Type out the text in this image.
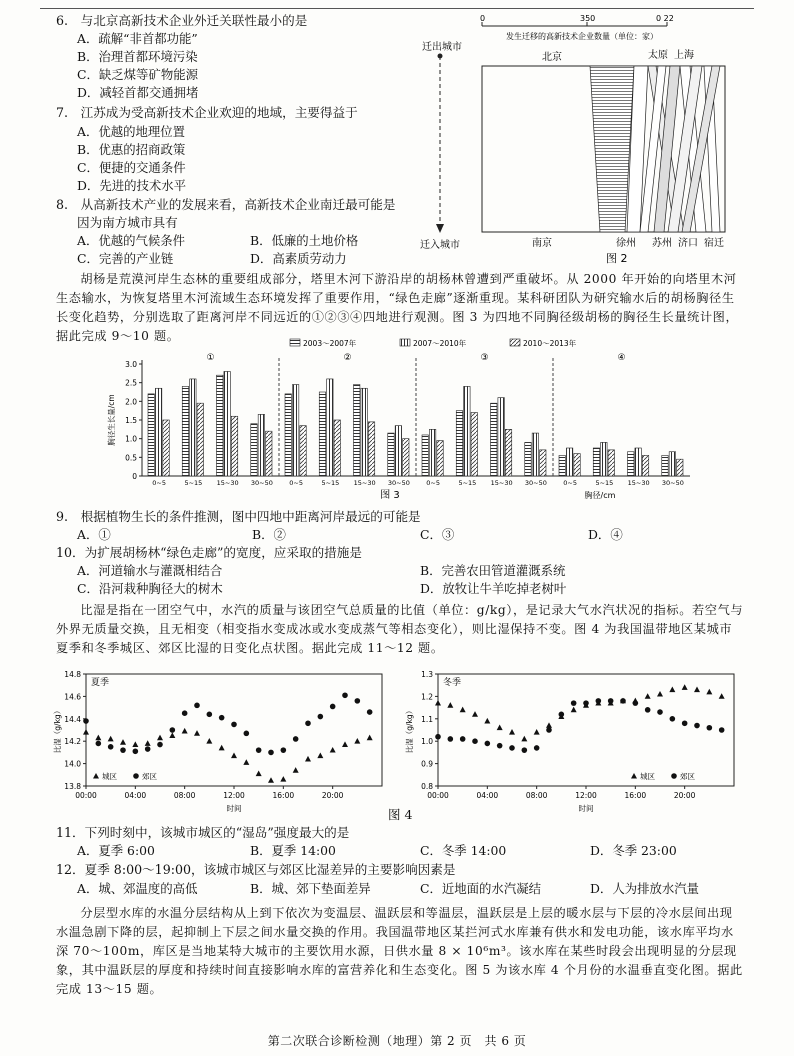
6.　与北京高新技术企业外迁关联性最小的是
A．疏解“非首都功能”
B．治理首都环境污染
C．缺乏煤等矿物能源
D．减轻首都交通拥堵
7.　江苏成为受高新技术企业欢迎的地域，主要得益于
A．优越的地理位置
B．优惠的招商政策
C．便捷的交通条件
D．先进的技术水平
8.　从高新技术产业的发展来看，高新技术企业南迁最可能是
因为南方城市具有
A．优越的气候条件	B．低廉的土地价格
C．完善的产业链	D．高素质劳动力
0	350	0 22
发生迁移的高新技术企业数量（单位：家）
迁出城市
迁入城市
北京	太原 上海
南京	徐州 苏州 济口 宿迁
图 2
胡杨是荒漠河岸生态林的重要组成部分，塔里木河下游沿岸的胡杨林曾遭到严重破坏。从 2000 年开始的向塔里木河生态输水，为恢复塔里木河流域生态环境发挥了重要作用，“绿色走廊”逐渐重现。某科研团队为研究输水后的胡杨胸径生长变化趋势，分别选取了距离河岸不同远近的①②③④四地进行观测。图 3 为四地不同胸径级胡杨的胸径生长量统计图，据此完成 9～10 题。
2003～2007年	2007～2010年	2010～2013年
0
0.5
1.0
1.5
2.0
2.5
3.0
胸径生长量/cm
①
0~5	5~15 15~30 30~50
②
0~5	5~15 15~30 30~50
③
0~5	5~15 15~30 30~50
④
0~5	5~15 15~30 30~50
图 3	胸径/cm
9.　根据植物生长的条件推测，图中四地中距离河岸最远的可能是
A．①	B．②	C．③	D．④
10．为扩展胡杨林“绿色走廊”的宽度，应采取的措施是
A．河道输水与灌溉相结合	B．完善农田管道灌溉系统
C．沿河栽种胸径大的树木	D．放牧让牛羊吃掉老树叶
比湿是指在一团空气中，水汽的质量与该团空气总质量的比值（单位：g/kg），是记录大气水汽状况的指标。若空气与外界无质量交换，且无相变（相变指水变成冰或水变成蒸气等相态变化），则比湿保持不变。图 4 为我国温带地区某城市夏季和冬季城区、郊区比湿的日变化点状图。据此完成 11～12 题。
13.8
14.0
14.2
14.4
14.6
14.8
00:00	04:00	08:00	12:00	16:00	20:00
时间
比湿（g/kg）
夏季
城区	郊区
0.8
0.9
1.0
1.1
1.2
1.3
00:00	04:00	08:00	12:00	16:00	20:00
时间
比湿（g/kg）
冬季
城区	郊区
图 4
11．下列时刻中，该城市城区的“湿岛”强度最大的是
A．夏季 6:00	B．夏季 14:00	C．冬季 14:00	D．冬季 23:00
12．夏季 8:00～19:00，该城市城区与郊区比湿差异的主要影响因素是
A．城、郊温度的高低	B．城、郊下垫面差异	C．近地面的水汽凝结	D．人为排放水汽量
分层型水库的水温分层结构从上到下依次为变温层、温跃层和等温层，温跃层是上层的暖水层与下层的冷水层间出现水温急剧下降的层，起抑制上下层之间水量交换的作用。我国温带地区某拦河式水库兼有供水和发电功能，该水库平均水深 70～100m，库区是当地某特大城市的主要饮用水源，日供水量 8 × 10⁶m³。该水库在某些时段会出现明显的分层现象，其中温跃层的厚度和持续时间直接影响水库的富营养化和生态变化。图 5 为该水库 4 个月份的水温垂直变化图。据此完成 13～15 题。
第二次联合诊断检测（地理）第 2 页　共 6 页
